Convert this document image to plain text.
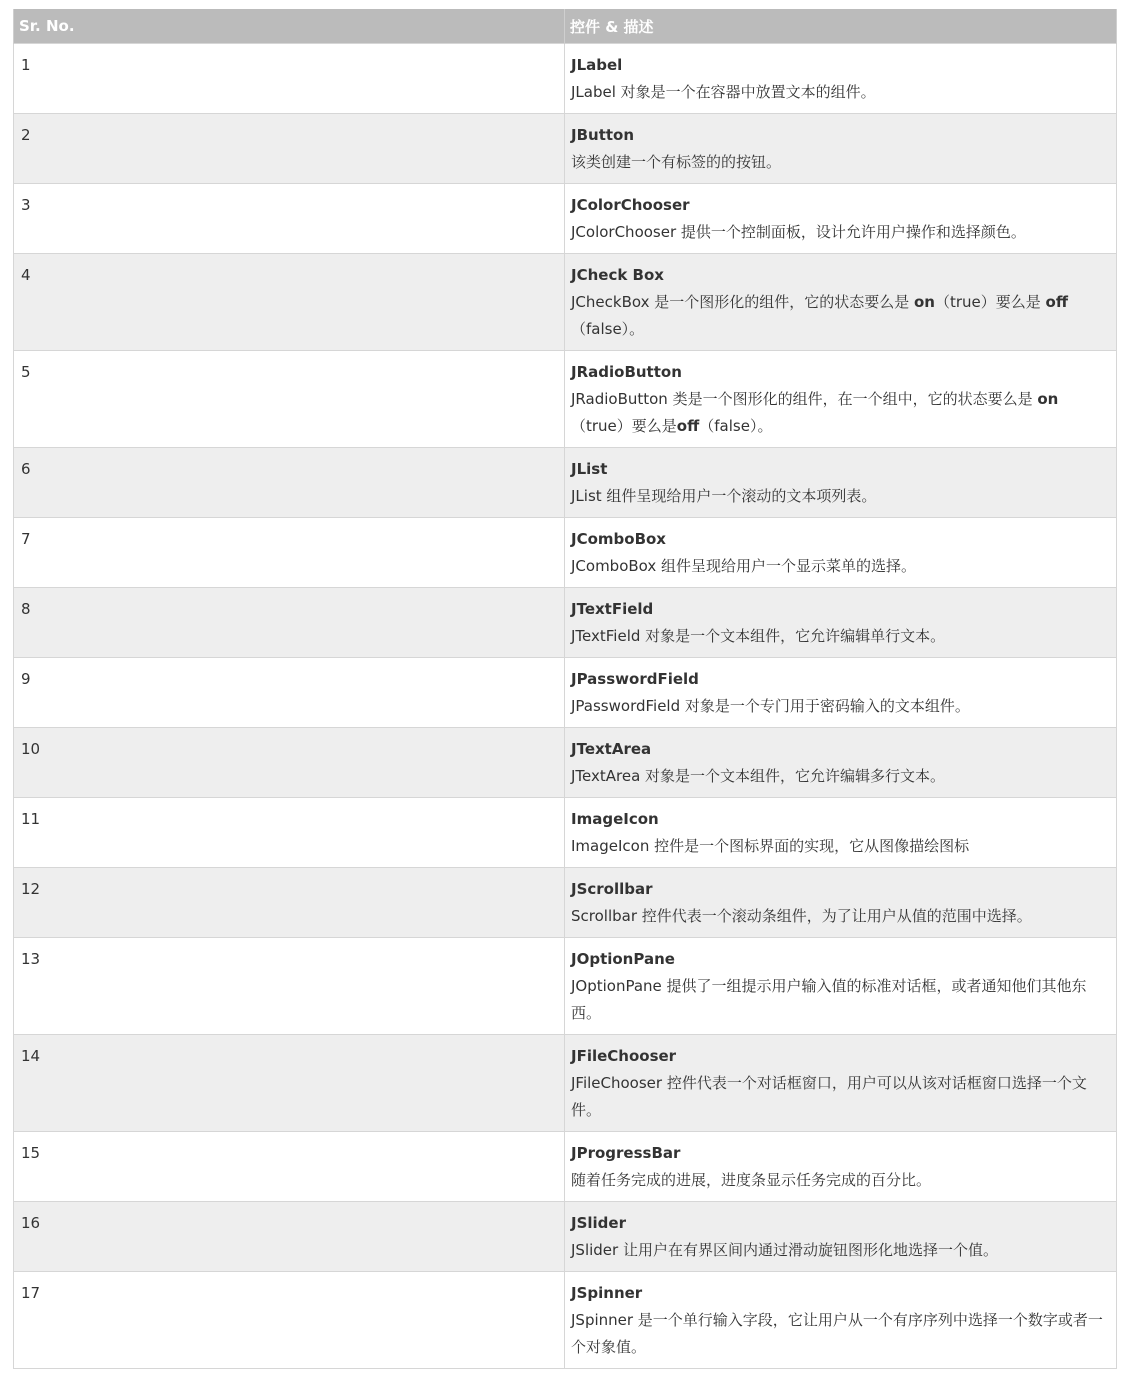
Sr. No.	控件 & 描述
1	JLabel
JLabel 对象是一个在容器中放置文本的组件。

2	JButton
该类创建一个有标签的的按钮。

3	JColorChooser
JColorChooser 提供一个控制面板，设计允许用户操作和选择颜色。

4	JCheck Box
JCheckBox 是一个图形化的组件，它的状态要么是 on（true）要么是 off（false）。

5	JRadioButton
JRadioButton 类是一个图形化的组件，在一个组中，它的状态要么是 on（true）要么是off（false）。

6	JList
JList 组件呈现给用户一个滚动的文本项列表。

7	JComboBox
JComboBox 组件呈现给用户一个显示菜单的选择。

8	JTextField
JTextField 对象是一个文本组件，它允许编辑单行文本。

9	JPasswordField
JPasswordField 对象是一个专门用于密码输入的文本组件。

10	JTextArea
JTextArea 对象是一个文本组件，它允许编辑多行文本。

11	ImageIcon
ImageIcon 控件是一个图标界面的实现，它从图像描绘图标

12	JScrollbar
Scrollbar 控件代表一个滚动条组件，为了让用户从值的范围中选择。

13	JOptionPane
JOptionPane 提供了一组提示用户输入值的标准对话框，或者通知他们其他东西。

14	JFileChooser
JFileChooser 控件代表一个对话框窗口，用户可以从该对话框窗口选择一个文件。

15	JProgressBar
随着任务完成的进展，进度条显示任务完成的百分比。

16	JSlider
JSlider 让用户在有界区间内通过滑动旋钮图形化地选择一个值。

17	JSpinner
JSpinner 是一个单行输入字段，它让用户从一个有序序列中选择一个数字或者一个对象值。
